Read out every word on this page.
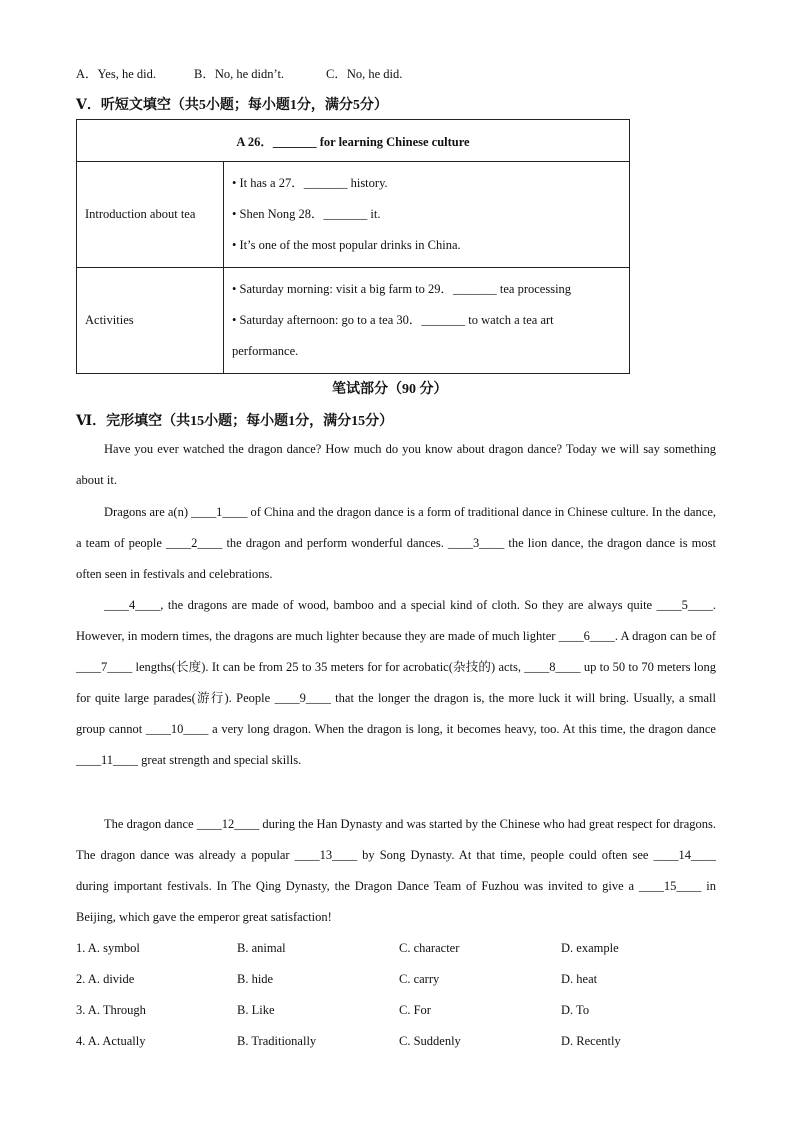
A．Yes, he did.	B．No, he didn’t.	C．No, he did.
Ⅴ．听短文填空（共5小题；每小题1分，满分5分）
A 26．_______ for learning Chinese culture	
Introduction about tea	• It has a 27．_______ history.
• Shen Nong 28．_______ it.
• It’s one of the most popular drinks in China.

Activities	• Saturday morning: visit a big farm to 29．_______ tea processing
• Saturday afternoon: go to a tea 30．_______ to watch a tea art
performance.
笔试部分（90 分）
Ⅵ．完形填空（共15小题；每小题1分，满分15分）
Have you ever watched the dragon dance? How much do you know about dragon dance? Today we will say something about it.
Dragons are a(n) ____1____ of China and the dragon dance is a form of traditional dance in Chinese culture. In the dance, a team of people ____2____ the dragon and perform wonderful dances. ____3____ the lion dance, the dragon dance is most often seen in festivals and celebrations.
____4____, the dragons are made of wood, bamboo and a special kind of cloth. So they are always quite ____5____. However, in modern times, the dragons are much lighter because they are made of much lighter ____6____. A dragon can be of ____7____ lengths(长度). It can be from 25 to 35 meters for for acrobatic(杂技的) acts, ____8____ up to 50 to 70 meters long for quite large parades(游行). People ____9____ that the longer the dragon is, the more luck it will bring. Usually, a small group cannot ____10____ a very long dragon. When the dragon is long, it becomes heavy, too. At this time, the dragon dance ____11____ great strength and special skills.
The dragon dance ____12____ during the Han Dynasty and was started by the Chinese who had great respect for dragons. The dragon dance was already a popular ____13____ by Song Dynasty. At that time, people could often see ____14____ during important festivals. In The Qing Dynasty, the Dragon Dance Team of Fuzhou was invited to give a ____15____ in Beijing, which gave the emperor great satisfaction!
1. A. symbol	B. animal	C. character	D. example
2. A. divide	B. hide	C. carry	D. heat
3. A. Through	B. Like	C. For	D. To
4. A. Actually	B. Traditionally	C. Suddenly	D. Recently
